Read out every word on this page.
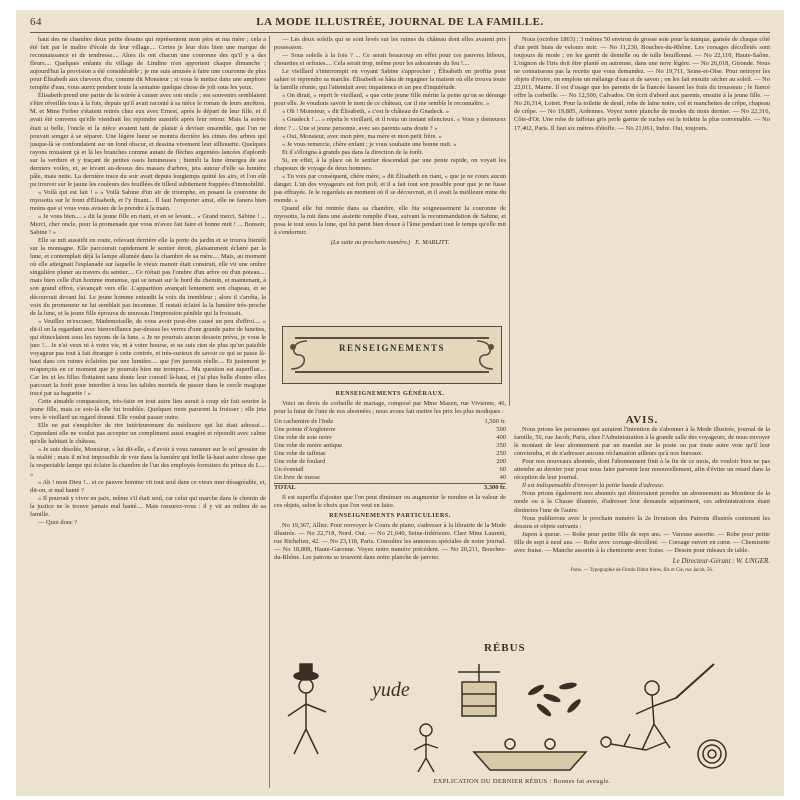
64	LA MODE ILLUSTRÉE, JOURNAL DE LA FAMILLE.

haut des ne chambre deux petits dessins qui représentent mon père et ma mère ; cela a été fait par le maître d'école de leur village.... Certes je leur dois bien une marque de reconnaissance et de tendresse.... Alors ils ont chacun une couronne des qu'il y a des fleurs.... Quelques enfants du village de Lindine n'en apportent chaque dimanche ; aujourd'hui la provision a été considérable ; je me suis amusée à faire une couronne de plus pour Élisabeth aux cheveux d'or, comme dit Monsieur ; si vous le mettez dans une amphore remplie d'eau, vous aurez pendant toute la semaine quelque chose de joli sous les yeux.

Élisabeth prend une partie de la soirée à causer avec son oncle ; ses souvenirs semblaient s'être réveillés tous à la fois, depuis qu'il avait raconté à sa nièce le roman de leurs ancêtres. M. et Mme Ferber s'étaient retirés chez eux avec Ernest, après le départ de leur fille, et il avait été convenu qu'elle viendrait les rejoindre aussitôt après leur retour. Mais la soirée était si belle, l'oncle et la nièce avaient tant de plaisir à deviser ensemble, que l'on ne pouvait songer à se séparer. Une légère lueur se montra derrière les cimes des arbres qui jusque-là se confondaient sur un fond obscur, et dessina vivement leur silhouette. Quelques rayons trouaient çà et là les branches comme autant de flèches argentées lancées d'aplomb sur la verdure et y traçant de petites oasis lumineuses ; bientôt la lune émergea de ses derniers voiles, et, se levant au-dessus des masses d'arbres, jeta autour d'elle sa lumière pâle, mais nette. La dernière trace du soir avait depuis longtemps quitté les airs, et l'on eût pu trouver sur le jaune les couleurs des feuillées de tilleul subitement frappées d'immobilité.

« Voilà qui est fait ! » « Voilà Sabine d'un air de triomphe, en posant la couronne de myosotis sur le front d'Élisabeth, et l'y fixant... Il faut l'emporter ainsi, elle ne fanera bien moins que si vous vous avisiez de la prendre à la main.

« Je vous bien.... » dit la jeune fille en riant, et en se levant... « Grand merci, Sabine ! ... Merci, cher oncle, pour la promenade que vous m'avez fait faire et bonne nuit ! ... Bonsoir, Sabine ! »

Elle se mit aussitôt en route, relevant derrière elle la porte du jardin et se trouva bientôt sur la montagne. Elle parcourait rapidement le sentier étroit, plaisamment éclairé par la lune, et contemplait déjà la lampe allumée dans la chambre de sa mère.... Mais, au moment où elle atteignait l'esplanade sur laquelle le vieux manoir était construit, elle vit une ombre singulière planer au travers du sentier.... Ce n'était pas l'ombre d'un arbre ou d'un poteau.... mais bien celle d'un homme immense, qui se tenait sur le bord du chemin, et maintenant, à son grand effroi, s'avançait vers elle. L'apparition avançait lentement son chapeau, et se découvrait devant lui. Le jeune homme entendit la voix du trembleur ; alors il s'arrêta, la voix du promeneur ne lui semblait pas inconnue. Il restait éclairé la la lumière très-proche de la lune, et la jeune fille éprouva de nouveau l'impression pénible qui la froissait.

« Veuillez m'excuser, Mademoiselle, de vous avoir peut-être causé un peu d'effroi.... » dit-il en la regardant avec bienveillance par-dessus les verres d'une grande paire de lunettes, qui étincelaient sous les rayons de la lune. « Je ne pourrais aucun dessein prévu, je vous le jure !... Je n'ai veux ni à votre vie, ni à votre bourse, et ne suis rien de plus qu'un paisible voyageur pas tout à fait étranger à cette contrée, et très-curieux de savoir ce qui se passe là-haut dans ces ruines éclairées par une lumière.... que j'en jurerais réelle.... Et justement je m'aperçois en ce moment que je pourrais bien me tromper.... Ma question est superflue.... Car les et les filles flottaient sans doute leur conseil là-haut, et j'ai plus belle d'entre elles parcourt la forêt pour interdire à tous les talides mortels de passer dans le cercle magique tracé par sa baguette ! »

Cette aimable comparaison, très-faite en tout autre lieu aurait à coup sûr fait sourire la jeune fille, mais ce soir-là elle fut troublée. Quelques mots parurent la froisser ; elle jeta vers le vieillard un regard étonné. Elle voulut passer outre.

Elle ne put s'empêcher de rire intérieurement du médiocre qui lui était adressé.... Cependant elle ne voulut pas accepter un compliment aussi exagéré et répondit avec calme qu'elle habitait le château.

« Je suis désolée, Monsieur, » lui dit-elle, « d'avoir à vous ramener sur le sol grossier de la réalité ; mais il m'est impossible de voir dans la lumière qui brille là-haut autre chose que la respectable lampe qui éclaire la chambre de l'un des employés forestiers du prince de L.... »

« Ah ! mon Dieu !... et ce pauvre homme vit tout seul dans ce vieux mur désagréable, et, dit-on, si mal hanté ?

« Il pourrait y vivre en paix, même s'il était seul, car celui qui marche dans le chemin de la justice ne le trouve jamais mal hanté.... Mais rassurez-vous : il y vit au milieu de sa famille.

— Quoi donc ?

— Les deux soleils qui se sont levés sur les ruines du château dont elles avaient pris possession.

— Sous soleils à la fois ? ... Ce serait beaucoup en effet pour ces pauvres hiboux, chouettes et orfraies.... Cela serait trop, même pour les adorateurs du feu !....

Le vieillard s'interrompit en voyant Sabine s'approcher ; Élisabeth en profita pour saluer et reprendre sa marche. Élisabeth se hâta de regagner la maison où elle trouva toute la famille réunie, qui l'attendait avec impatience et un peu d'inquiétude.

« On dirait, » reprit le vieillard, « que cette jeune fille mérite la peine qu'on se dérange pour elle. Je voudrais savoir le nom de ce château, car il me semble le reconnaître. »

« Oh ! Monsieur, » dit Élisabeth, « c'est le château de Gnadeck. »

« Gnadeck ! ... » répéta le vieillard, et il resta un instant silencieux. « Vous y demeurez donc ? ... Une si jeune personne, avec ses parents sans doute ? »

« Oui, Monsieur, avec mon père, ma mère et mon petit frère. »

« Je vous remercie, chère enfant ; je vous souhaite une bonne nuit. »

Et il s'éloigna à grands pas dans la direction de la forêt.

Si, en effet, à la place où le sentier descendait par une pente rapide, on voyait les chapeaux de voyage de deux hommes.

« Tu vois par conséquent, chère mère, » dit Élisabeth en riant, « que je ne cours aucun danger. L'un des voyageurs est fort poli, et il a fait tout son possible pour que je ne fusse pas effrayée. Je le regardais au moment où il se découvrait, et il avait la meilleure mine du monde. »

Quand elle fut rentrée dans sa chambre, elle ôta soigneusement la couronne de myosotis, la mit dans une assiette remplie d'eau, suivant la recommandation de Sabine, et posa le tout sous la lune, qui lui parut bien douce à l'âme pendant tout le temps qu'elle mit à s'endormir.

(La suite au prochain numéro.) E. MARLITT.
RENSEIGNEMENTS
RENSEIGNEMENTS GÉNÉRAUX.

Voici un devis de corbeille de mariage, composé par Mme Mazen, rue Vivienne, 46, pour la futur de l'une de nos abonnées ; nous avons fait mettre les prix les plus modiques :

Un cachemire de l'Inde	1,500 fr.
Une pointe d'Angleterre	500
Une robe de soie noire	400
Une robe de moire antique	350
Une robe de taffetas	250
Une robe de foulard	200
Un éventail	60
Un livre de messe	40
TOTAL	3,300 fr.

Il est superflu d'ajouter que l'on peut diminuer ou augmenter le nombre et la valeur de ces objets, selon le choix que l'on veut en faire.

RENSEIGNEMENTS PARTICULIERS.

No 19,367, Allier. Pour renvoyer le Cours de piano, s'adresser à la librairie de la Mode illustrée. — No 22,718, Nord. Oui. — No 21,640, Seine-Inférieure. Chez Mme Laurent, rue Richelieu, 42. — No 23,118, Paris. Consultez les annonces spéciales de notre journal. — No 18,808, Haute-Garonne. Voyez notre numéro précédent. — No 20,211, Bouches-du-Rhône. Les patrons se trouvent dans notre planche de janvier.

Nous (octobre 1863) ; 3 mètres 50 environ de grosse soie pour la tunique, gansée de chaque côté d'un petit biais de velours noir. — No 11,230, Bouches-du-Rhône. Les corsages décolletés sont toujours de mode ; on les garnit de dentelle ou de tulle bouillonné. — No 22,110, Haute-Saône. L'oignon de l'iris doit être planté en automne, dans une terre légère. — No 26,018, Gironde. Nous ne connaissons pas la recette que vous demandez. — No 19,711, Seine-et-Oise. Pour nettoyer les objets d'ivoire, on emploie un mélange d'eau et de savon ; on les fait ensuite sécher au soleil. — No 22,011, Marne. Il est d'usage que les parents de la fiancée fassent les frais du trousseau ; le fiancé offre la corbeille. — No 12,500, Calvados. On écrit d'abord aux parents, ensuite à la jeune fille. — No 26,314, Loiret. Pour la toilette de deuil, robe de laine noire, col et manchettes de crêpe, chapeau de crêpe. — No 19,805, Ardennes. Voyez notre planche de modes du mois dernier. — No 22,316, Côte-d'Or. Une robe de taffetas gris perle garnie de ruches est la toilette la plus convenable. — No 17,402, Paris. Il faut six mètres d'étoffe. — No 21,061, Indre. Oui, toujours.

AVIS.

Nous prions les personnes qui auraient l'intention de s'abonner à la Mode illustrée, journal de la famille, 56, rue Jacob, Paris, chez l'Administration à la grande salle des voyageurs, de nous envoyer le montant de leur abonnement par un mandat sur la poste ou par toute autre voie qu'il leur conviendra, et de n'adresser aucune réclamation ailleurs qu'à nos bureaux.

Pour nos nouveaux abonnés, dont l'abonnement finit à la fin de ce mois, de vouloir bien ne pas attendre au dernier jour pour nous faire parvenir leur renouvellement, afin d'éviter un retard dans la réception de leur journal.

Il est indispensable d'envoyer la petite bande d'adresse.

Nous prions également nos abonnés qui désireraient prendre un abonnement au Moniteur de la mode ou à la Chasse illustrée, d'adresser leur demande séparément, ces administrations étant distinctes l'une de l'autre.

Nous publierons avec le prochain numéro la 2e livraison des Patrons illustrés contenant les dessins et objets suivants :

Jupon à queue. — Robe pour petite fille de sept ans. — Vareuse assortie. — Robe pour petite fille de sept à neuf ans. — Robe avec corsage-décolleté. — Corsage ouvert en cœur. — Chemisette avec fraise. — Manche assortie à la chemisette avec fraise. — Dessin pour rideaux de table.

Le Directeur-Gérant : W. UNGER.
Paris. — Typographie de Firmin Didot frères, fils et Cie, rue Jacob, 56.
RÉBUS
yude
EXPLICATION DU DERNIER RÉBUS : Bonnes fat aveugle.
